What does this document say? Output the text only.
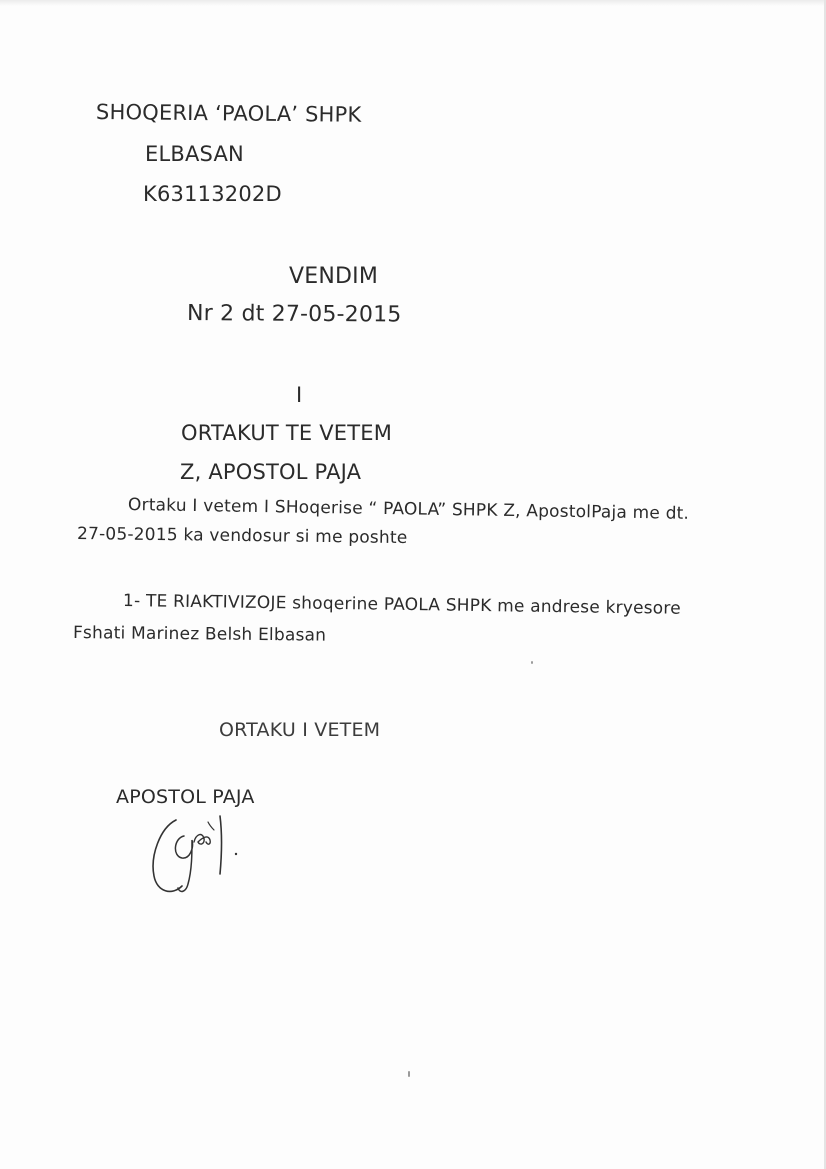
SHOQERIA ‘PAOLA’ SHPK
ELBASAN
K63113202D
VENDIM
Nr 2 dt 27-05-2015
I
ORTAKUT TE VETEM
Z, APOSTOL PAJA
Ortaku I vetem I SHoqerise “ PAOLA” SHPK Z, ApostolPaja me dt.
27-05-2015 ka vendosur si me poshte
1- TE RIAKTIVIZOJE shoqerine PAOLA SHPK me andrese kryesore
Fshati Marinez Belsh Elbasan
ORTAKU I VETEM
APOSTOL PAJA
